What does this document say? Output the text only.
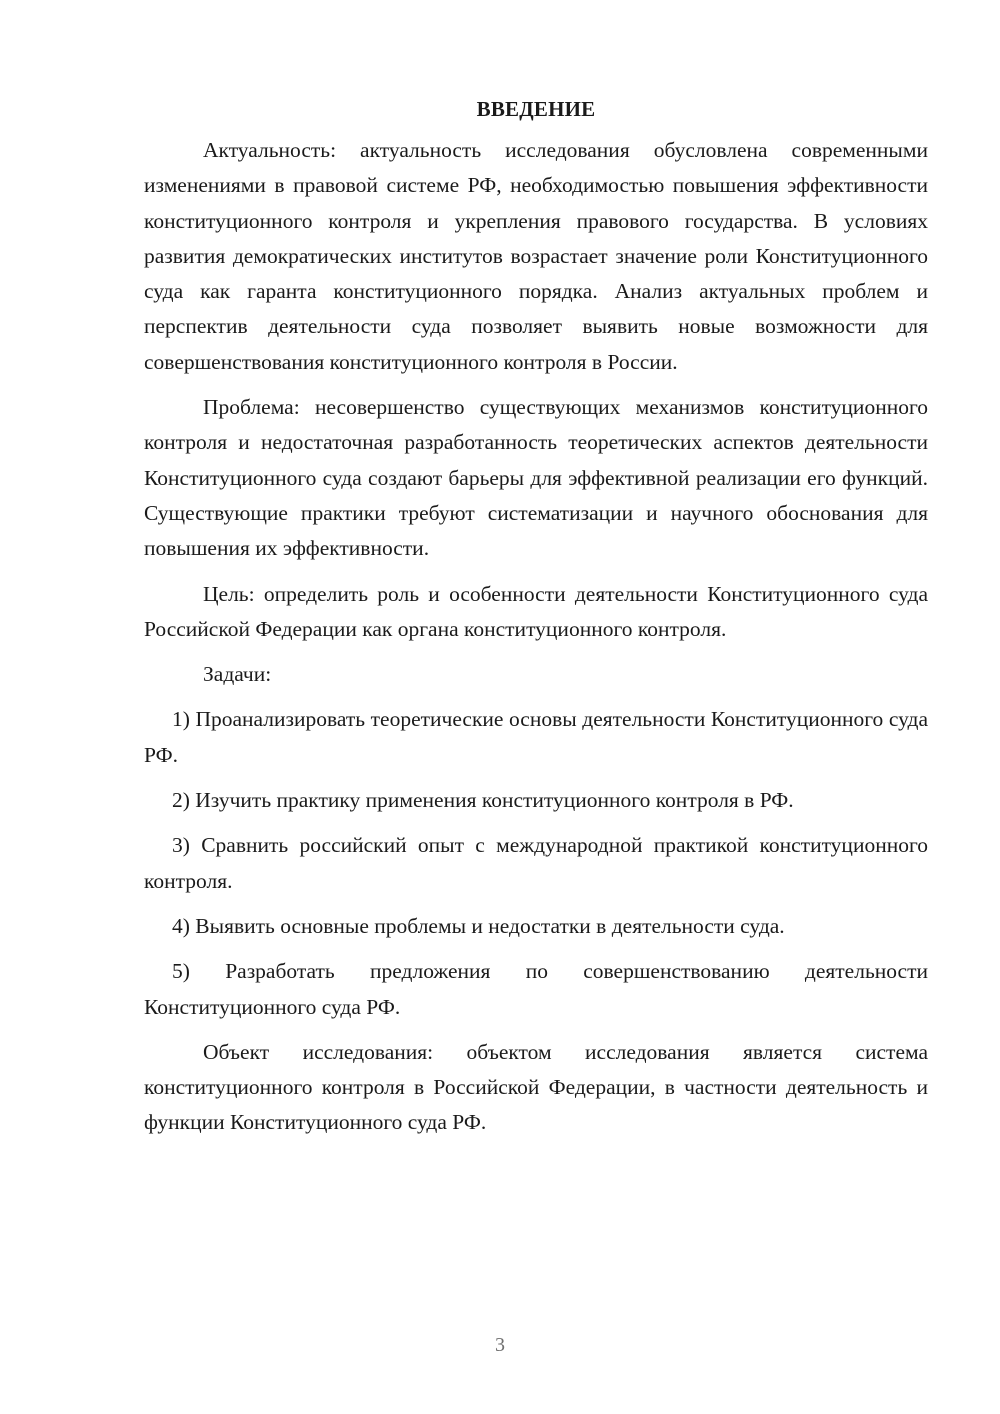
ВВЕДЕНИЕ

Актуальность: актуальность исследования обусловлена современными изменениями в правовой системе РФ, необходимостью повышения эффективности конституционного контроля и укрепления правового государства. В условиях развития демократических институтов возрастает значение роли Конституционного суда как гаранта конституционного порядка. Анализ актуальных проблем и перспектив деятельности суда позволяет выявить новые возможности для совершенствования конституционного контроля в России.

Проблема: несовершенство существующих механизмов конституционного контроля и недостаточная разработанность теоретических аспектов деятельности Конституционного суда создают барьеры для эффективной реализации его функций. Существующие практики требуют систематизации и научного обоснования для повышения их эффективности.

Цель: определить роль и особенности деятельности Конституционного суда Российской Федерации как органа конституционного контроля.

Задачи:

1) Проанализировать теоретические основы деятельности Конституционного суда РФ.

2) Изучить практику применения конституционного контроля в РФ.

3) Сравнить российский опыт с международной практикой конституционного контроля.

4) Выявить основные проблемы и недостатки в деятельности суда.

5) Разработать предложения по совершенствованию деятельности Конституционного суда РФ.

Объект исследования: объектом исследования является система конституционного контроля в Российской Федерации, в частности деятельность и функции Конституционного суда РФ.

3
